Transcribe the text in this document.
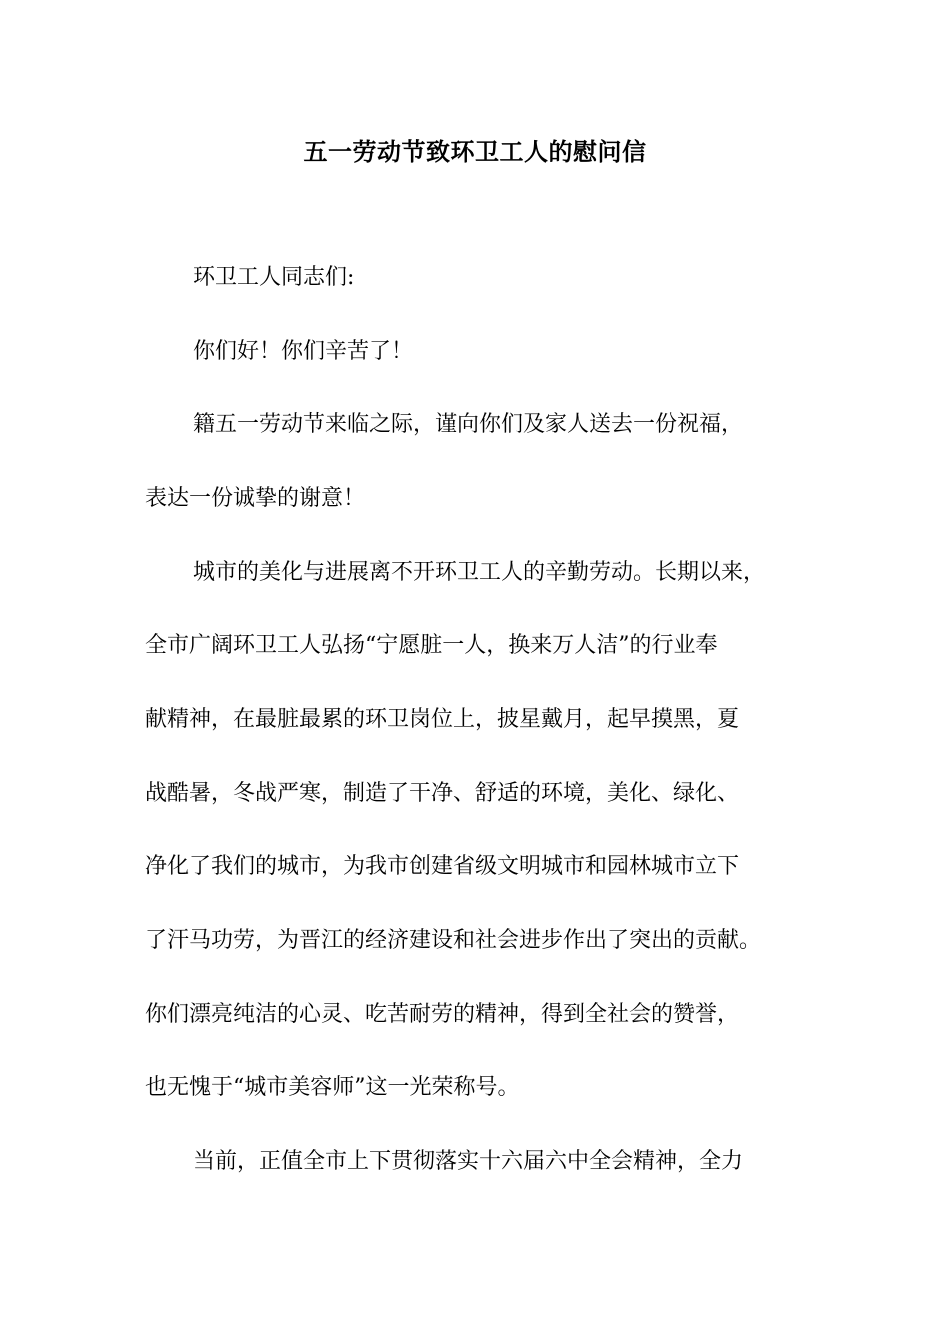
五一劳动节致环卫工人的慰问信
环卫工人同志们:
你们好！你们辛苦了！
籍五一劳动节来临之际，谨向你们及家人送去一份祝福，
表达一份诚挚的谢意！
城市的美化与进展离不开环卫工人的辛勤劳动。长期以来，
全市广阔环卫工人弘扬“宁愿脏一人，换来万人洁”的行业奉
献精神，在最脏最累的环卫岗位上，披星戴月，起早摸黑，夏
战酷暑，冬战严寒，制造了干净、舒适的环境，美化、绿化、
净化了我们的城市，为我市创建省级文明城市和园林城市立下
了汗马功劳，为晋江的经济建设和社会进步作出了突出的贡献。
你们漂亮纯洁的心灵、吃苦耐劳的精神，得到全社会的赞誉，
也无愧于“城市美容师”这一光荣称号。
当前，正值全市上下贯彻落实十六届六中全会精神，全力
